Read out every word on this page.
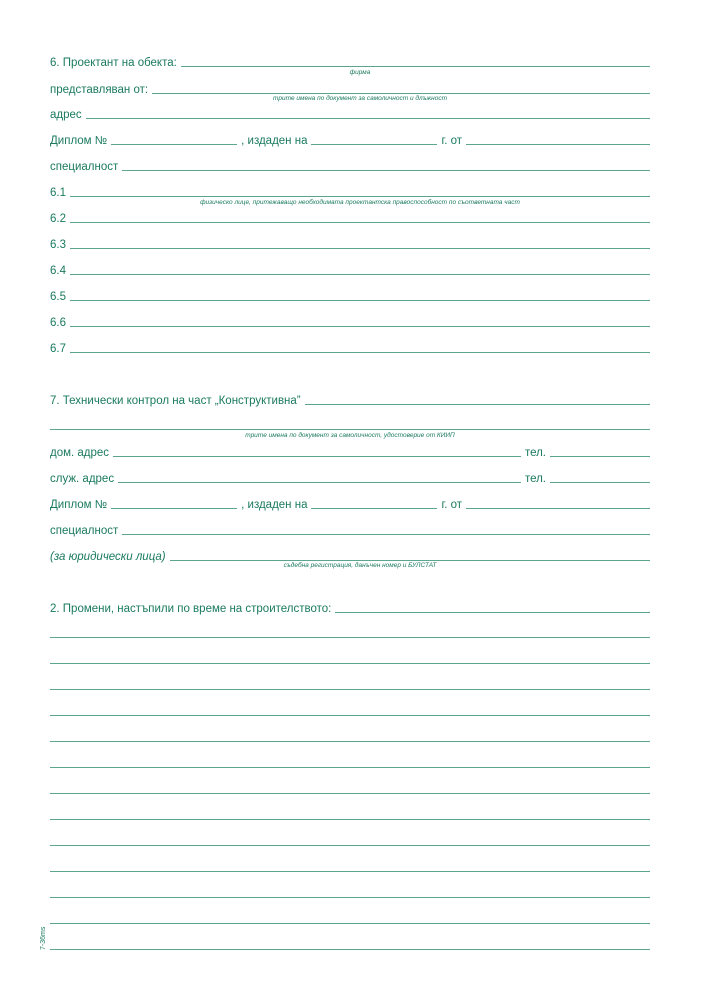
6. Проектант на обекта:
фирма
представляван от:
трите имена по документ за самоличност и длъжност
адрес
Диплом №	, издаден на	г. от
специалност
6.1
физическо лице, притежаващо необходимата проектантска правоспособност по съответната част
6.2
6.3
6.4
6.5
6.6
6.7
7. Технически контрол на част „Конструктивна”
трите имена по документ за самоличност, удостоверие от КИИП
дом. адрес	тел.
служ. адрес	тел.
Диплом №	, издаден на	г. от
специалност
(за юридически лица)
съдебна регистрация, данъчен номер и БУЛСТАТ
2. Промени, настъпили по време на строителството:
7-36ms
